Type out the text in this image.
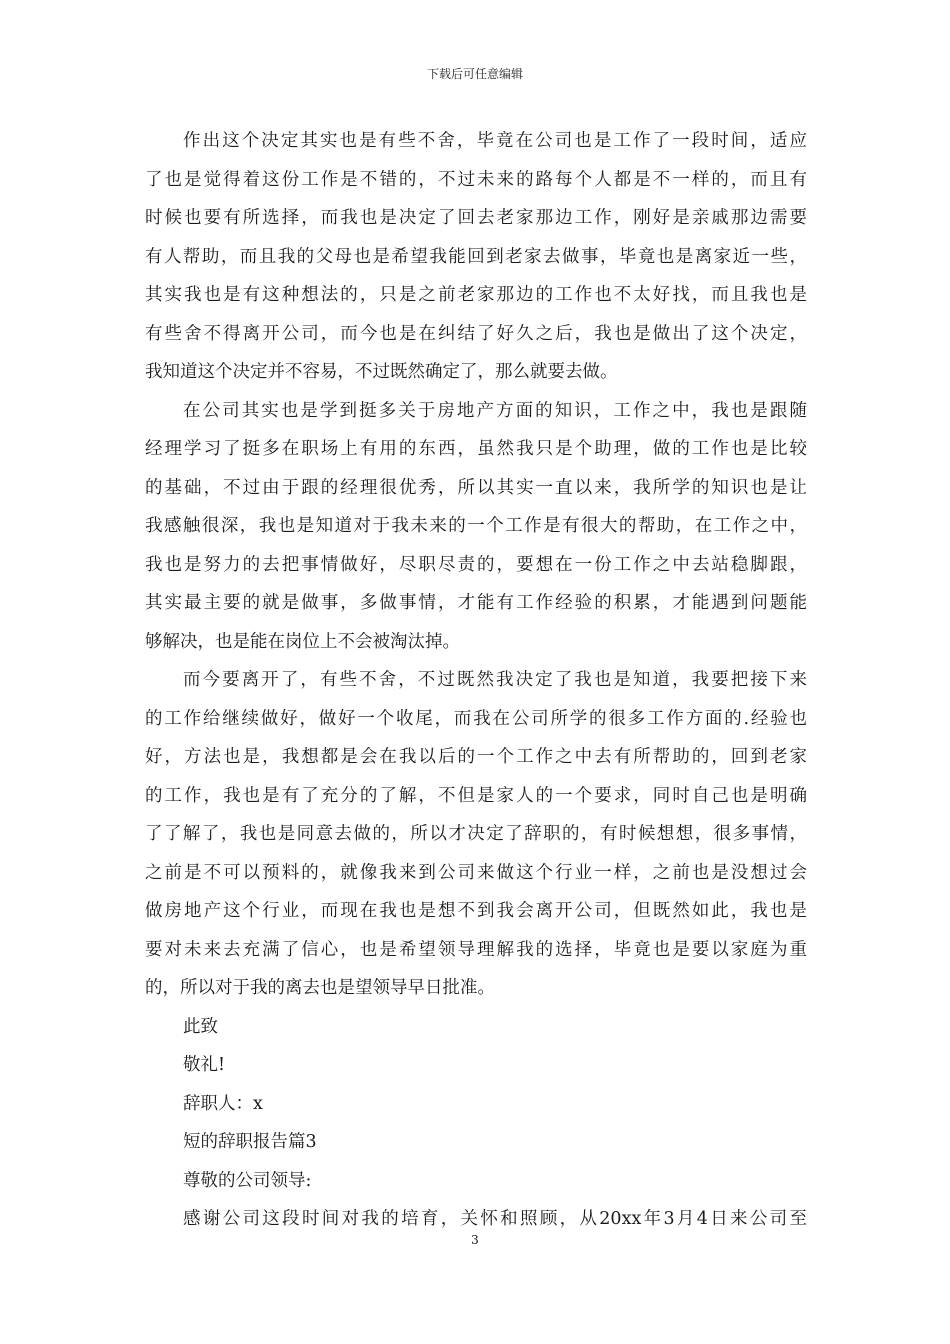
下载后可任意编辑
作出这个决定其实也是有些不舍，毕竟在公司也是工作了一段时间，适应
了也是觉得着这份工作是不错的，不过未来的路每个人都是不一样的，而且有
时候也要有所选择，而我也是决定了回去老家那边工作，刚好是亲戚那边需要
有人帮助，而且我的父母也是希望我能回到老家去做事，毕竟也是离家近一些，
其实我也是有这种想法的，只是之前老家那边的工作也不太好找，而且我也是
有些舍不得离开公司，而今也是在纠结了好久之后，我也是做出了这个决定，
我知道这个决定并不容易，不过既然确定了，那么就要去做。
在公司其实也是学到挺多关于房地产方面的知识，工作之中，我也是跟随
经理学习了挺多在职场上有用的东西，虽然我只是个助理，做的工作也是比较
的基础，不过由于跟的经理很优秀，所以其实一直以来，我所学的知识也是让
我感触很深，我也是知道对于我未来的一个工作是有很大的帮助，在工作之中，
我也是努力的去把事情做好，尽职尽责的，要想在一份工作之中去站稳脚跟，
其实最主要的就是做事，多做事情，才能有工作经验的积累，才能遇到问题能
够解决，也是能在岗位上不会被淘汰掉。
而今要离开了，有些不舍，不过既然我决定了我也是知道，我要把接下来
的工作给继续做好，做好一个收尾，而我在公司所学的很多工作方面的.经验也
好，方法也是，我想都是会在我以后的一个工作之中去有所帮助的，回到老家
的工作，我也是有了充分的了解，不但是家人的一个要求，同时自己也是明确
了了解了，我也是同意去做的，所以才决定了辞职的，有时候想想，很多事情，
之前是不可以预料的，就像我来到公司来做这个行业一样，之前也是没想过会
做房地产这个行业，而现在我也是想不到我会离开公司，但既然如此，我也是
要对未来去充满了信心，也是希望领导理解我的选择，毕竟也是要以家庭为重
的，所以对于我的离去也是望领导早日批准。
此致
敬礼!
辞职人：x
短的辞职报告篇3
尊敬的公司领导:
感谢公司这段时间对我的培育，关怀和照顾，从20xx年3月4日来公司至
3
